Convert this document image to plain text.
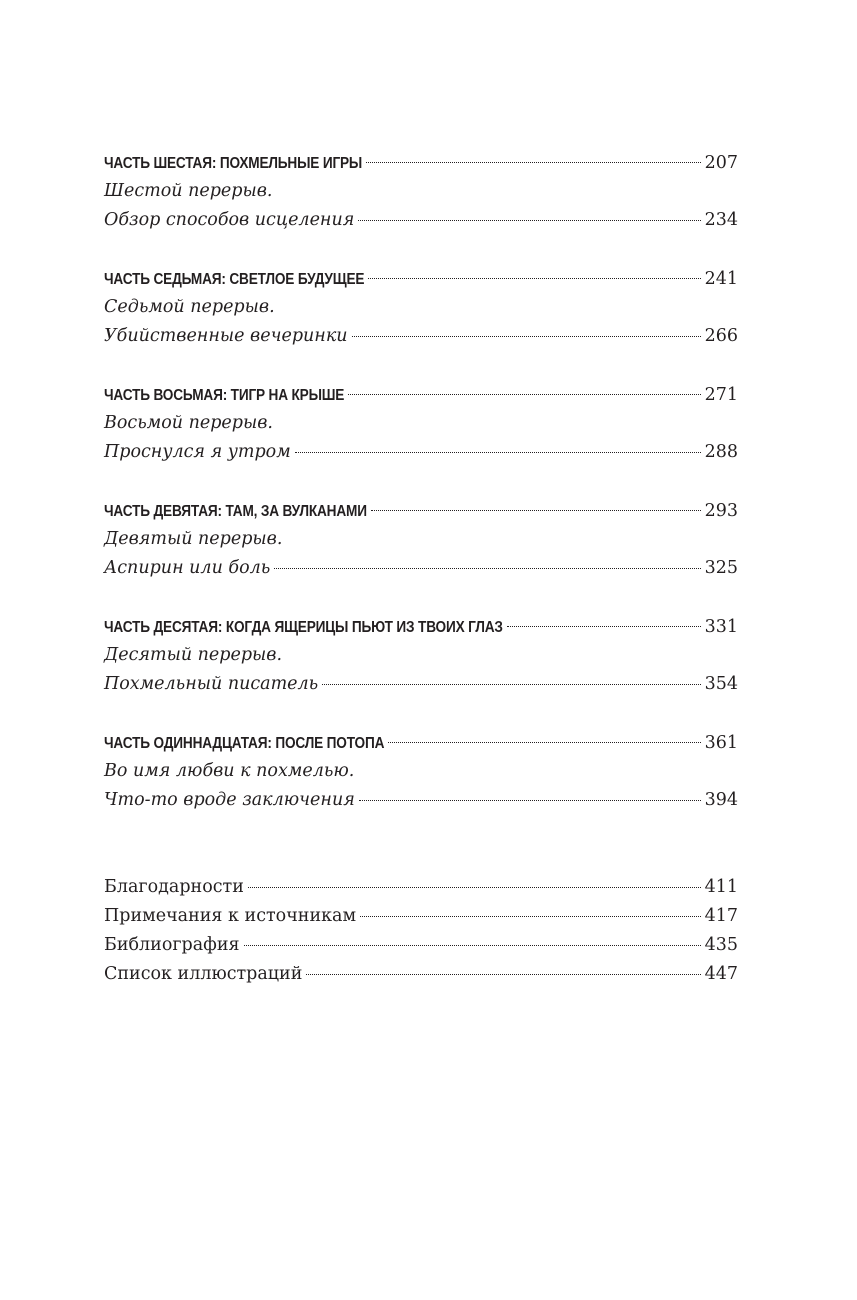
ЧАСТЬ ШЕСТАЯ: ПОХМЕЛЬНЫЕ ИГРЫ	207
Шестой перерыв.
Обзор способов исцеления	234
ЧАСТЬ СЕДЬМАЯ: СВЕТЛОЕ БУДУЩЕЕ	241
Седьмой перерыв.
Убийственные вечеринки	266
ЧАСТЬ ВОСЬМАЯ: ТИГР НА КРЫШЕ	271
Восьмой перерыв.
Проснулся я утром	288
ЧАСТЬ ДЕВЯТАЯ: ТАМ, ЗА ВУЛКАНАМИ	293
Девятый перерыв.
Аспирин или боль	325
ЧАСТЬ ДЕСЯТАЯ: КОГДА ЯЩЕРИЦЫ ПЬЮТ ИЗ ТВОИХ ГЛАЗ	331
Десятый перерыв.
Похмельный писатель	354
ЧАСТЬ ОДИННАДЦАТАЯ: ПОСЛЕ ПОТОПА	361
Во имя любви к похмелью.
Что-то вроде заключения	394
Благодарности	411
Примечания к источникам	417
Библиография	435
Список иллюстраций	447
